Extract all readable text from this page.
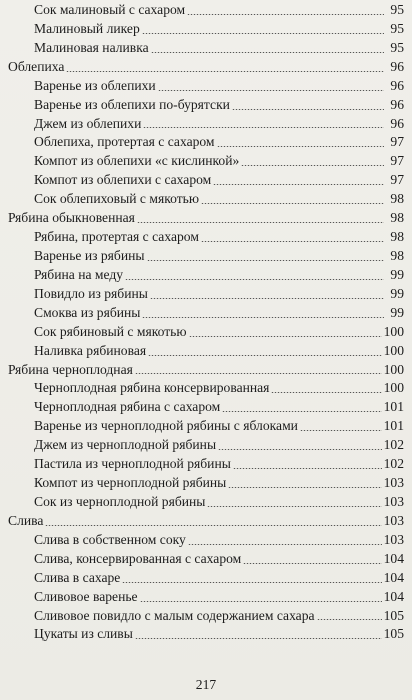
Сок малиновый с сахаром	95
Малиновый ликер	95
Малиновая наливка	95
Облепиха	96
Варенье из облепихи	96
Варенье из облепихи по-бурятски	96
Джем из облепихи	96
Облепиха, протертая с сахаром	97
Компот из облепихи «с кислинкой»	97
Компот из облепихи с сахаром	97
Сок облепиховый с мякотью	98
Рябина обыкновенная	98
Рябина, протертая с сахаром	98
Варенье из рябины	98
Рябина на меду	99
Повидло из рябины	99
Смоква из рябины	99
Сок рябиновый с мякотью	100
Наливка рябиновая	100
Рябина черноплодная	100
Черноплодная рябина консервированная	100
Черноплодная рябина с сахаром	101
Варенье из черноплодной рябины с яблоками	101
Джем из черноплодной рябины	102
Пастила из черноплодной рябины	102
Компот из черноплодной рябины	103
Сок из черноплодной рябины	103
Слива	103
Слива в собственном соку	103
Слива, консервированная с сахаром	104
Слива в сахаре	104
Сливовое варенье	104
Сливовое повидло с малым содержанием сахара	105
Цукаты из сливы	105
217
